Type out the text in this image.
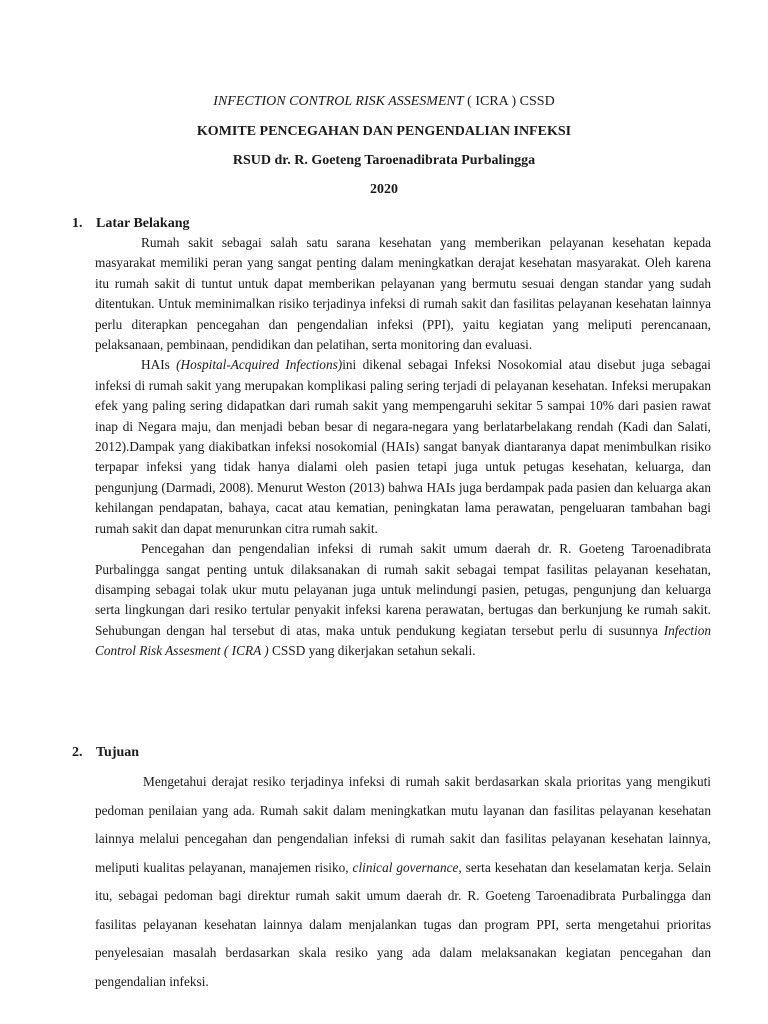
INFECTION CONTROL RISK ASSESMENT ( ICRA ) CSSD
KOMITE PENCEGAHAN DAN PENGENDALIAN INFEKSI
RSUD dr. R. Goeteng Taroenadibrata Purbalingga
2020
1. Latar Belakang

Rumah sakit sebagai salah satu sarana kesehatan yang memberikan pelayanan kesehatan kepada masyarakat memiliki peran yang sangat penting dalam meningkatkan derajat kesehatan masyarakat. Oleh karena itu rumah sakit di tuntut untuk dapat memberikan pelayanan yang bermutu sesuai dengan standar yang sudah ditentukan. Untuk meminimalkan risiko terjadinya infeksi di rumah sakit dan fasilitas pelayanan kesehatan lainnya perlu diterapkan pencegahan dan pengendalian infeksi (PPI), yaitu kegiatan yang meliputi perencanaan, pelaksanaan, pembinaan, pendidikan dan pelatihan, serta monitoring dan evaluasi.

HAIs (Hospital-Acquired Infections)ini dikenal sebagai Infeksi Nosokomial atau disebut juga sebagai infeksi di rumah sakit yang merupakan komplikasi paling sering terjadi di pelayanan kesehatan. Infeksi merupakan efek yang paling sering didapatkan dari rumah sakit yang mempengaruhi sekitar 5 sampai 10% dari pasien rawat inap di Negara maju, dan menjadi beban besar di negara-negara yang berlatarbelakang rendah (Kadi dan Salati, 2012).Dampak yang diakibatkan infeksi nosokomial (HAIs) sangat banyak diantaranya dapat menimbulkan risiko terpapar infeksi yang tidak hanya dialami oleh pasien tetapi juga untuk petugas kesehatan, keluarga, dan pengunjung (Darmadi, 2008). Menurut Weston (2013) bahwa HAIs juga berdampak pada pasien dan keluarga akan kehilangan pendapatan, bahaya, cacat atau kematian, peningkatan lama perawatan, pengeluaran tambahan bagi rumah sakit dan dapat menurunkan citra rumah sakit.

Pencegahan dan pengendalian infeksi di rumah sakit umum daerah dr. R. Goeteng Taroenadibrata Purbalingga sangat penting untuk dilaksanakan di rumah sakit sebagai tempat fasilitas pelayanan kesehatan, disamping sebagai tolak ukur mutu pelayanan juga untuk melindungi pasien, petugas, pengunjung dan keluarga serta lingkungan dari resiko tertular penyakit infeksi karena perawatan, bertugas dan berkunjung ke rumah sakit. Sehubungan dengan hal tersebut di atas, maka untuk pendukung kegiatan tersebut perlu di susunnya Infection Control Risk Assesment ( ICRA ) CSSD yang dikerjakan setahun sekali.

2. Tujuan

Mengetahui derajat resiko terjadinya infeksi di rumah sakit berdasarkan skala prioritas yang mengikuti pedoman penilaian yang ada. Rumah sakit dalam meningkatkan mutu layanan dan fasilitas pelayanan kesehatan lainnya melalui pencegahan dan pengendalian infeksi di rumah sakit dan fasilitas pelayanan kesehatan lainnya, meliputi kualitas pelayanan, manajemen risiko, clinical governance, serta kesehatan dan keselamatan kerja. Selain itu, sebagai pedoman bagi direktur rumah sakit umum daerah dr. R. Goeteng Taroenadibrata Purbalingga dan fasilitas pelayanan kesehatan lainnya dalam menjalankan tugas dan program PPI, serta mengetahui prioritas penyelesaian masalah berdasarkan skala resiko yang ada dalam melaksanakan kegiatan pencegahan dan pengendalian infeksi.
